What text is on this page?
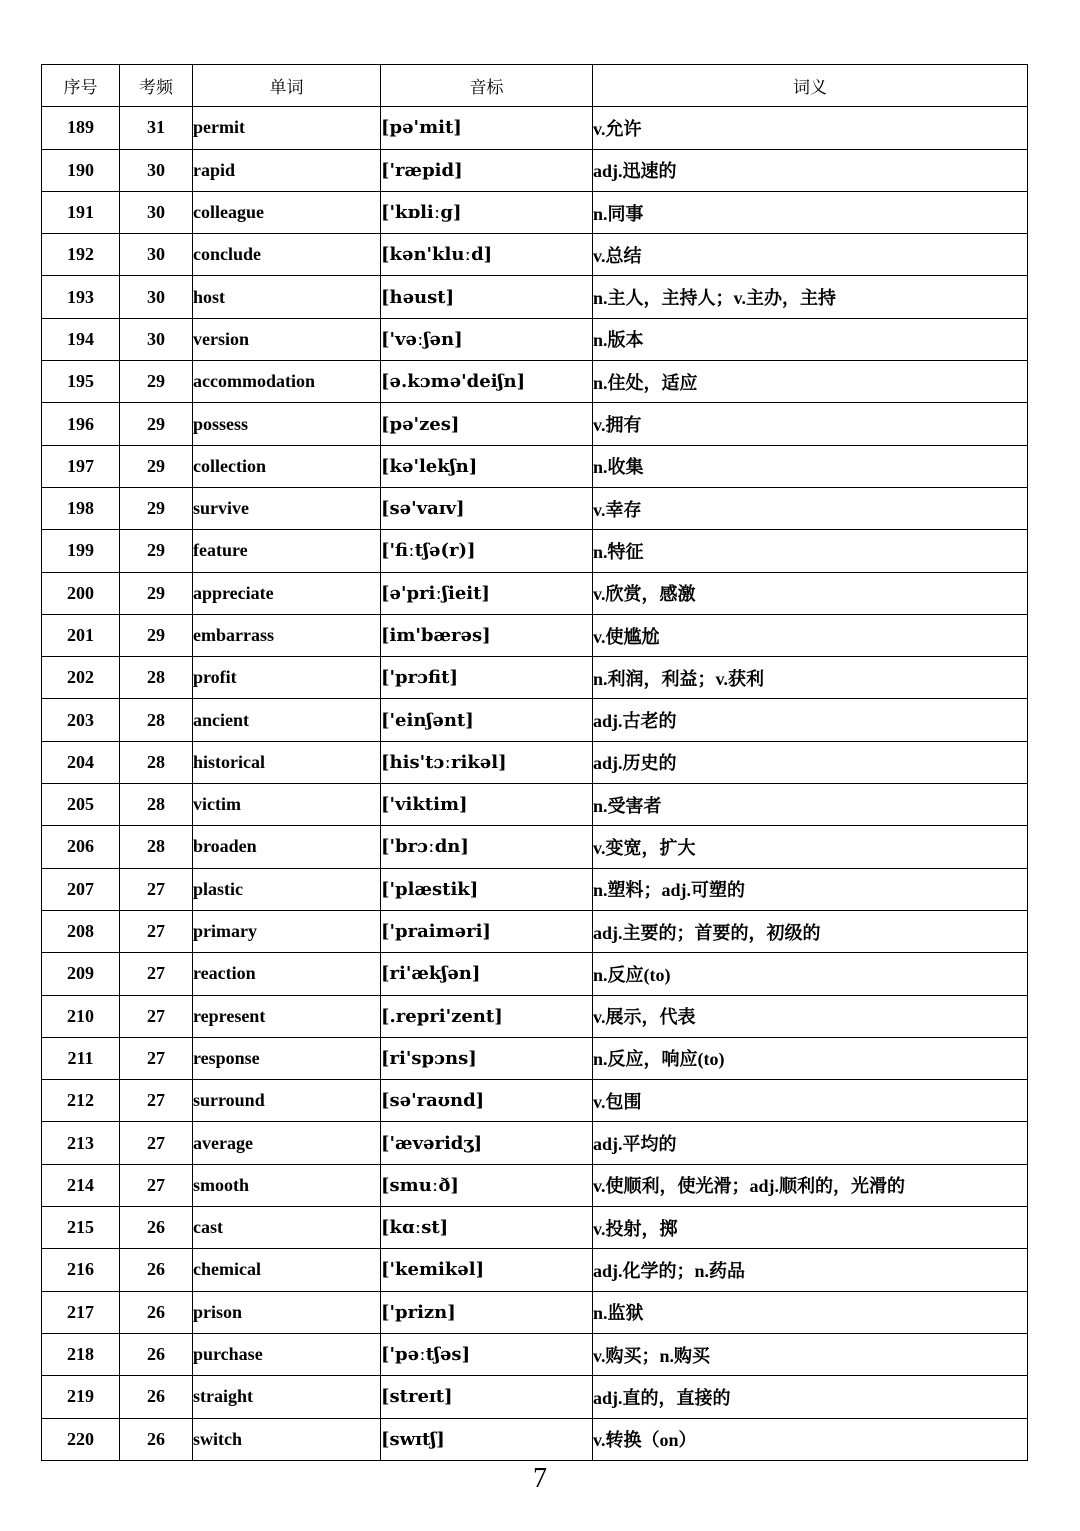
序号	考频	单词	音标	词义
189	31	permit	[pə'mit]	v.允许
190	30	rapid	['ræpid]	adj.迅速的
191	30	colleague	['kɒliːg]	n.同事
192	30	conclude	[kən'kluːd]	v.总结
193	30	host	[həust]	n.主人，主持人；v.主办，主持
194	30	version	['vəːʃən]	n.版本
195	29	accommodation	[ə.kɔmə'deiʃn]	n.住处，适应
196	29	possess	[pə'zes]	v.拥有
197	29	collection	[kə'lekʃn]	n.收集
198	29	survive	[sə'vaɪv]	v.幸存
199	29	feature	['fiːtʃə(r)]	n.特征
200	29	appreciate	[ə'priːʃieit]	v.欣赏，感激
201	29	embarrass	[im'bærəs]	v.使尴尬
202	28	profit	['prɔfit]	n.利润，利益；v.获利
203	28	ancient	['einʃənt]	adj.古老的
204	28	historical	[his'tɔːrikəl]	adj.历史的
205	28	victim	['viktim]	n.受害者
206	28	broaden	['brɔːdn]	v.变宽，扩大
207	27	plastic	['plæstik]	n.塑料；adj.可塑的
208	27	primary	['praiməri]	adj.主要的；首要的，初级的
209	27	reaction	[ri'ækʃən]	n.反应(to)
210	27	represent	[.repri'zent]	v.展示，代表
211	27	response	[ri'spɔns]	n.反应，响应(to)
212	27	surround	[sə'raʊnd]	v.包围
213	27	average	['ævəridʒ]	adj.平均的
214	27	smooth	[smuːð]	v.使顺利，使光滑；adj.顺利的，光滑的
215	26	cast	[kɑːst]	v.投射，掷
216	26	chemical	['kemikəl]	adj.化学的；n.药品
217	26	prison	['prizn]	n.监狱
218	26	purchase	['pəːtʃəs]	v.购买；n.购买
219	26	straight	[streɪt]	adj.直的，直接的
220	26	switch	[swɪtʃ]	v.转换（on）
7
